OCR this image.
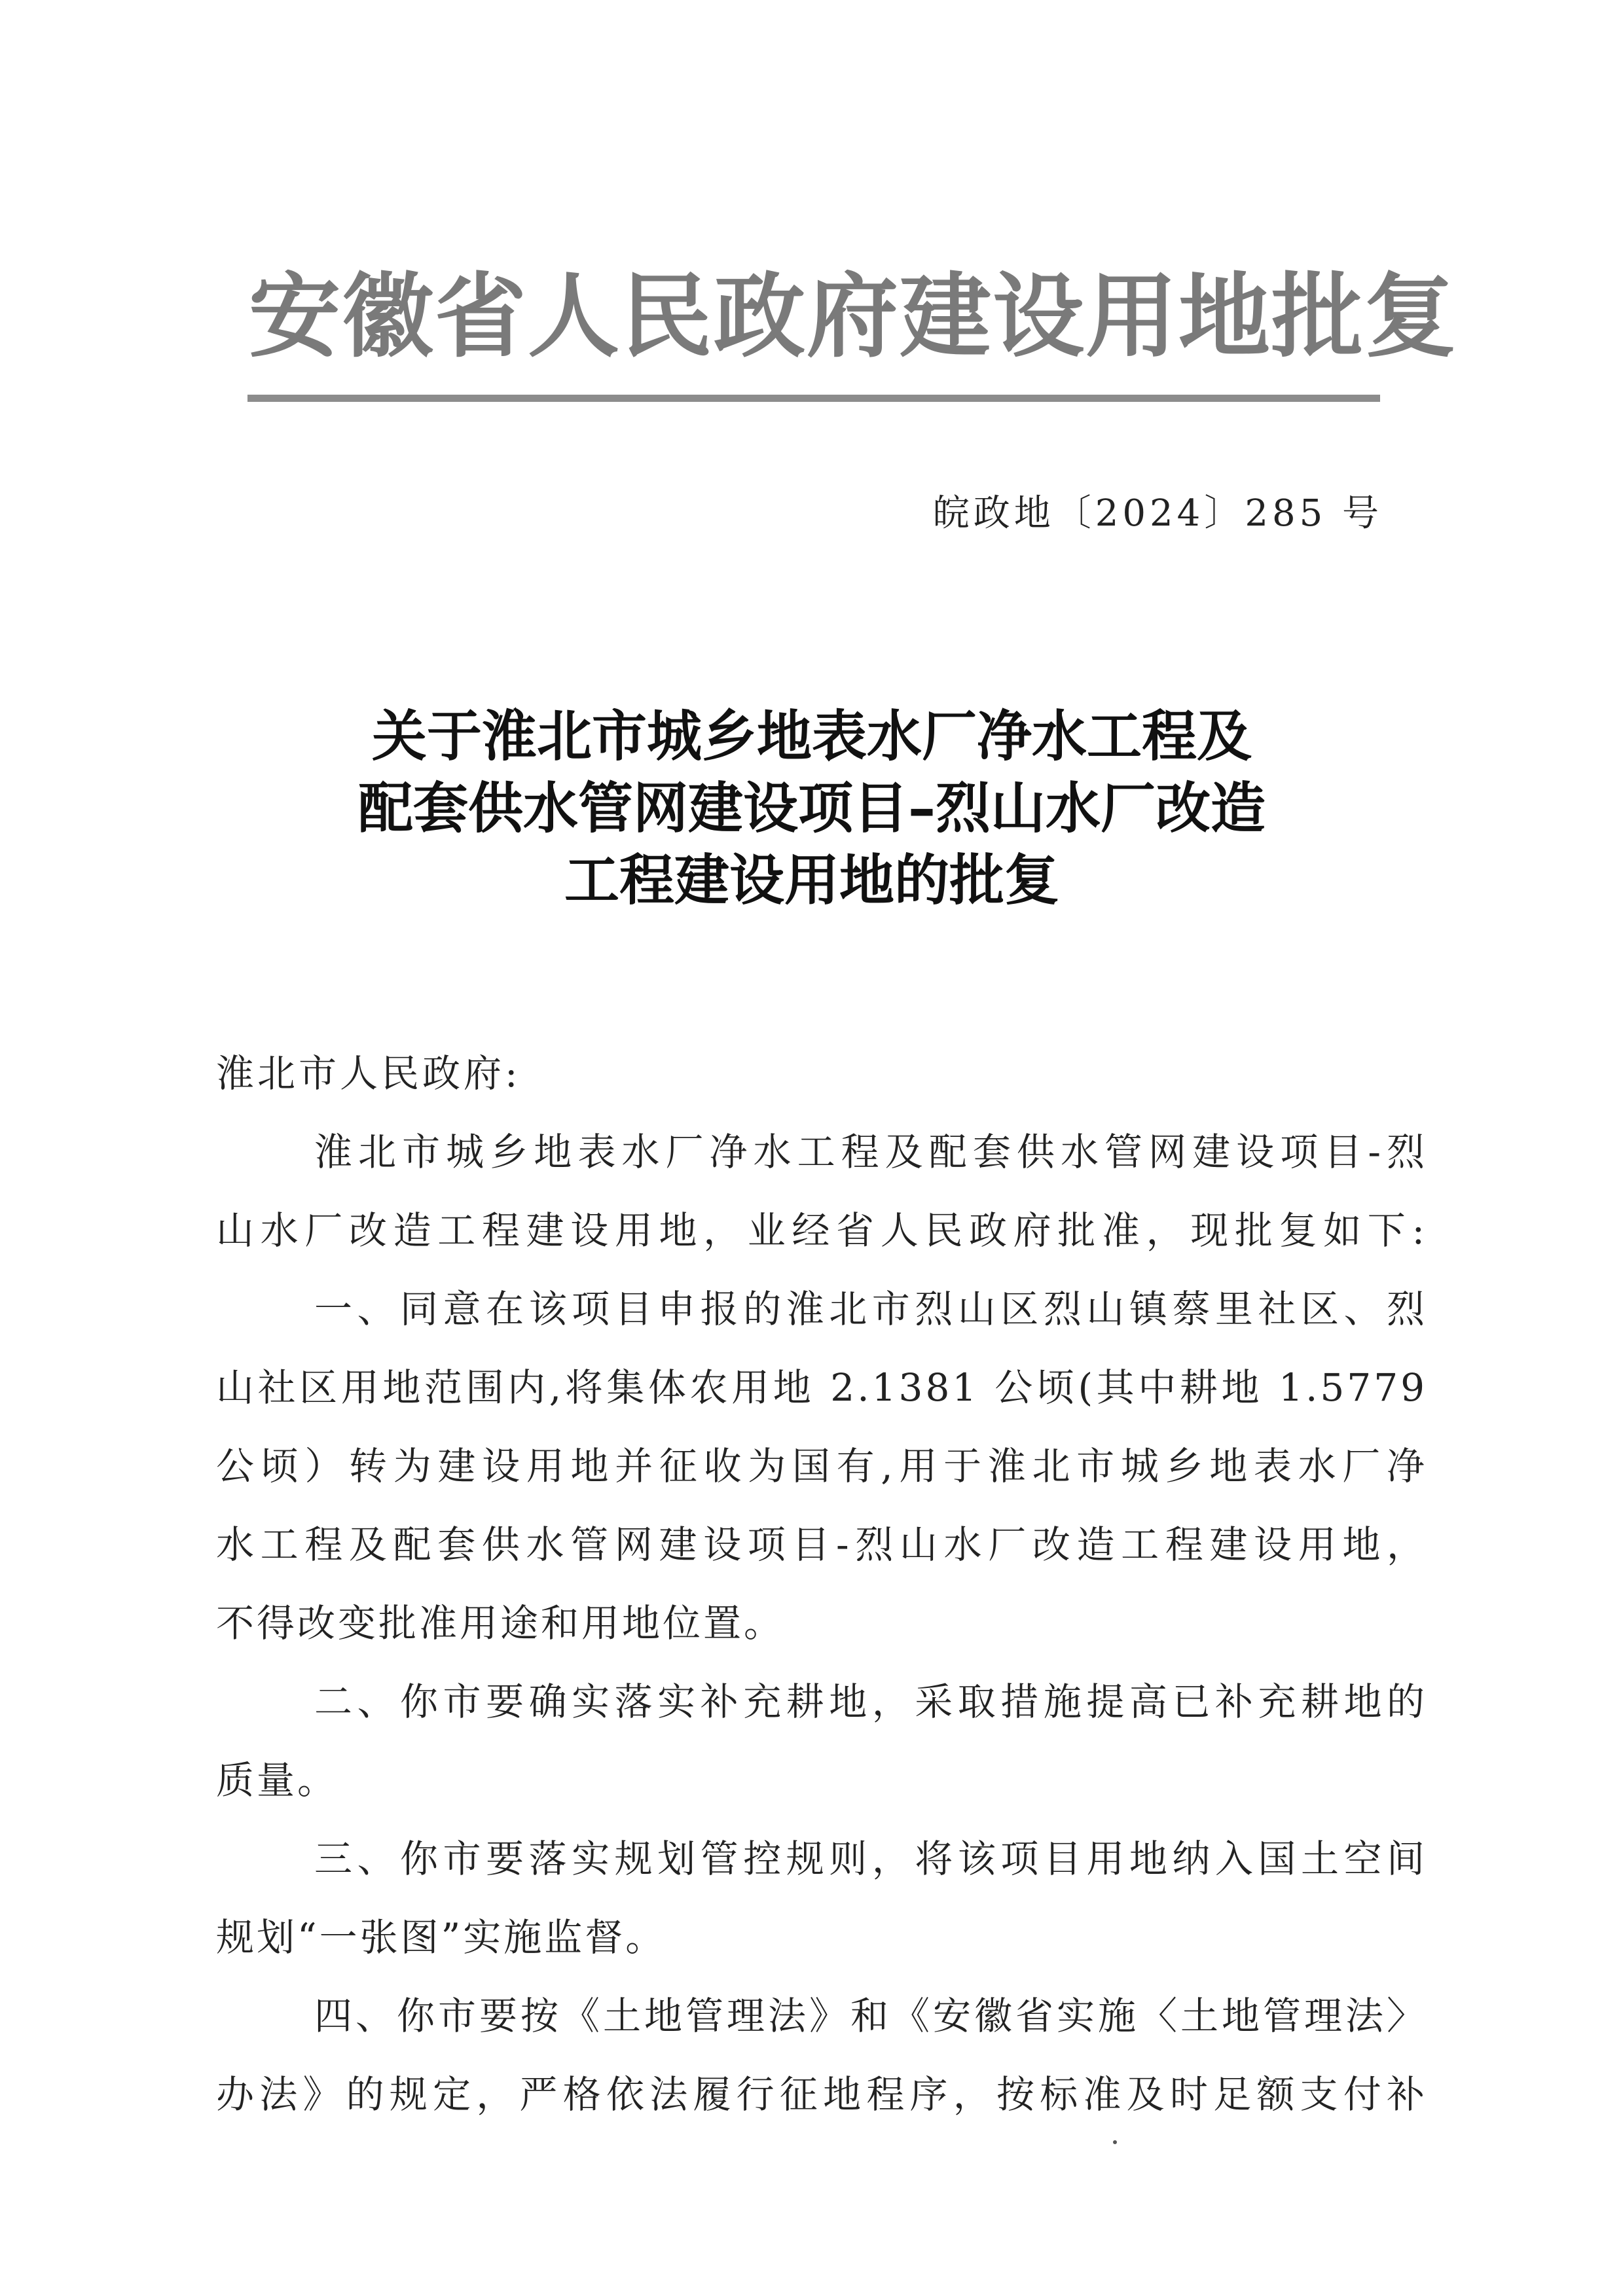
安徽省人民政府建设用地批复
皖政地〔2024〕285 号
关于淮北市城乡地表水厂净水工程及
配套供水管网建设项目–烈山水厂改造
工程建设用地的批复
淮北市人民政府:
淮北市城乡地表水厂净水工程及配套供水管网建设项目-烈
山水厂改造工程建设用地，业经省人民政府批准，现批复如下:
一、同意在该项目申报的淮北市烈山区烈山镇蔡里社区、烈
山社区用地范围内,将集体农用地 2.1381 公顷(其中耕地 1.5779
公顷）转为建设用地并征收为国有,用于淮北市城乡地表水厂净
水工程及配套供水管网建设项目-烈山水厂改造工程建设用地，
不得改变批准用途和用地位置。
二、你市要确实落实补充耕地，采取措施提高已补充耕地的
质量。
三、你市要落实规划管控规则，将该项目用地纳入国土空间
规划“一张图”实施监督。
四、你市要按《土地管理法》和《安徽省实施〈土地管理法〉
办法》的规定，严格依法履行征地程序，按标准及时足额支付补
